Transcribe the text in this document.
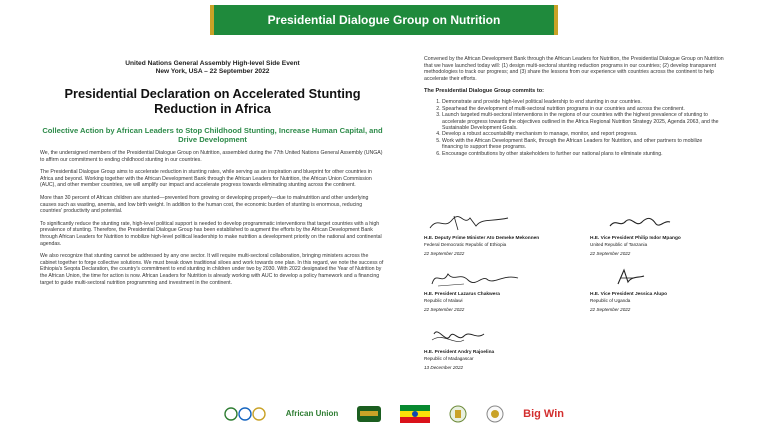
Presidential Dialogue Group on Nutrition
United Nations General Assembly High-level Side Event
New York, USA – 22 September 2022
Presidential Declaration on Accelerated Stunting Reduction in Africa
Collective Action by African Leaders to Stop Childhood Stunting, Increase Human Capital, and Drive Development

We, the undersigned members of the Presidential Dialogue Group on Nutrition, assembled during the 77th United Nations General Assembly (UNGA) to affirm our commitment to ending childhood stunting in our countries.

The Presidential Dialogue Group aims to accelerate reduction in stunting rates, while serving as an inspiration and blueprint for other countries in Africa and beyond. Working together with the African Development Bank through the African Leaders for Nutrition, the African Union Commission (AUC), and other member countries, we will amplify our impact and accelerate progress towards eliminating stunting across the continent.

More than 30 percent of African children are stunted—prevented from growing or developing properly—due to malnutrition and other underlying causes such as wasting, anemia, and low birth weight. In addition to the human cost, the economic burden of stunting is enormous, reducing countries' productivity and potential.

To significantly reduce the stunting rate, high-level political support is needed to develop programmatic interventions that target countries with a high prevalence of stunting. Therefore, the Presidential Dialogue Group has been established to augment the efforts by the African Development Bank through African Leaders for Nutrition to mobilize high-level political leadership to make nutrition a development priority on the national and continental agendas.

We also recognize that stunting cannot be addressed by any one sector. It will require multi-sectoral collaboration, bringing ministers across the cabinet together to forge collective solutions. We must break down traditional siloes and work towards one plan. In this regard, we note the success of Ethiopia's Seqota Declaration, the country's commitment to end stunting in children under two by 2030. With 2022 designated the Year of Nutrition by the African Union, the time for action is now. African Leaders for Nutrition is already working with AUC to develop a policy framework and a financing target to guide multi-sectoral nutrition programming and investment in the continent.

Convened by the African Development Bank through the African Leaders for Nutrition, the Presidential Dialogue Group on Nutrition that we have launched today will: (1) design multi-sectoral stunting reduction programs in our countries; (2) develop transparent methodologies to track our progress; and (3) share the lessons from our experience with countries across the continent to help accelerate their efforts.
The Presidential Dialogue Group commits to:
1. Demonstrate and provide high-level political leadership to end stunting in our countries.
2. Spearhead the development of multi-sectoral nutrition programs in our countries and across the continent.
3. Launch targeted multi-sectoral interventions in the regions of our countries with the highest prevalence of stunting to accelerate progress towards the objectives outlined in the Africa Regional Nutrition Strategy 2025, Agenda 2063, and the Sustainable Development Goals.
4. Develop a robust accountability mechanism to manage, monitor, and report progress.
5. Work with the African Development Bank, through the African Leaders for Nutrition, and other partners to mobilize financing to support these programs.
6. Encourage contributions by other stakeholders to further our national plans to eliminate stunting.
H.E. Deputy Prime Minister Ato Demeke Mekonnen
Federal Democratic Republic of Ethiopia
22 September 2022
H.E. Vice President Philip Isdor Mpango
United Republic of Tanzania
22 September 2022
H.E. President Lazarus Chakwera
Republic of Malawi
22 September 2022
H.E. Vice President Jessica Alupo
Republic of Uganda
22 September 2022
H.E. President Andry Rajoelina
Republic of Madagascar
13 December 2022
African Union	Big Win
